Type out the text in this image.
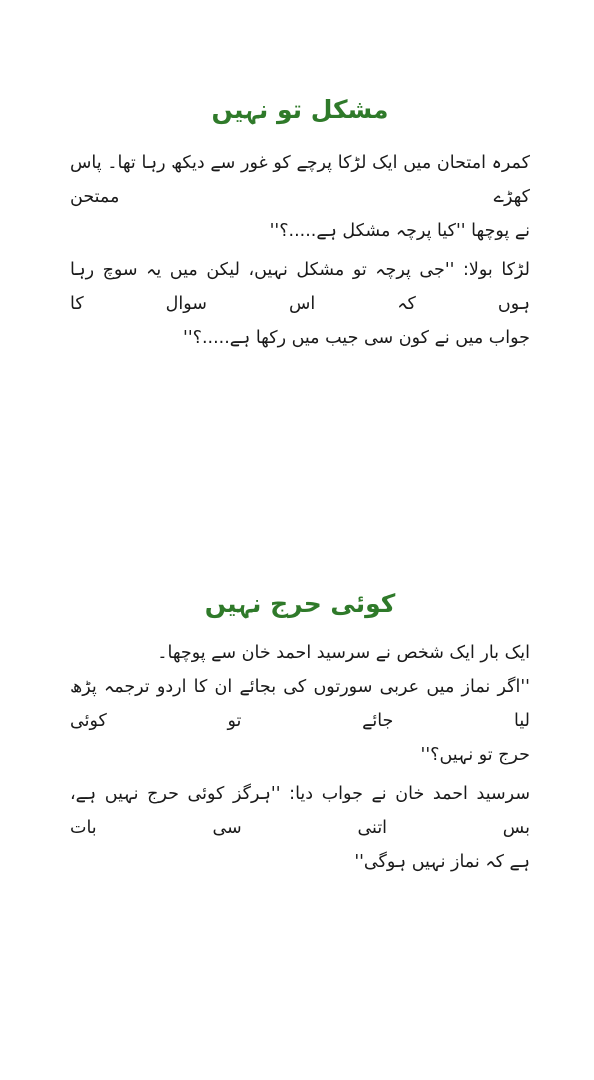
مشکل تو نہیں

کمرہ امتحان میں ایک لڑکا پرچے کو غور سے دیکھ رہا تھا۔ پاس کھڑے ممتحن

نے پوچھا ''کیا پرچہ مشکل ہے.....؟''

لڑکا بولا: ''جی پرچہ تو مشکل نہیں، لیکن میں یہ سوچ رہا ہوں کہ اس سوال کا

جواب میں نے کون سی جیب میں رکھا ہے.....؟''

کوئی حرج نہیں

ایک بار ایک شخص نے سرسید احمد خان سے پوچھا۔

''اگر نماز میں عربی سورتوں کی بجائے ان کا اردو ترجمہ پڑھ لیا جائے تو کوئی

حرج تو نہیں؟''

سرسید احمد خان نے جواب دیا: ''ہرگز کوئی حرج نہیں ہے، بس اتنی سی بات

ہے کہ نماز نہیں ہوگی''
